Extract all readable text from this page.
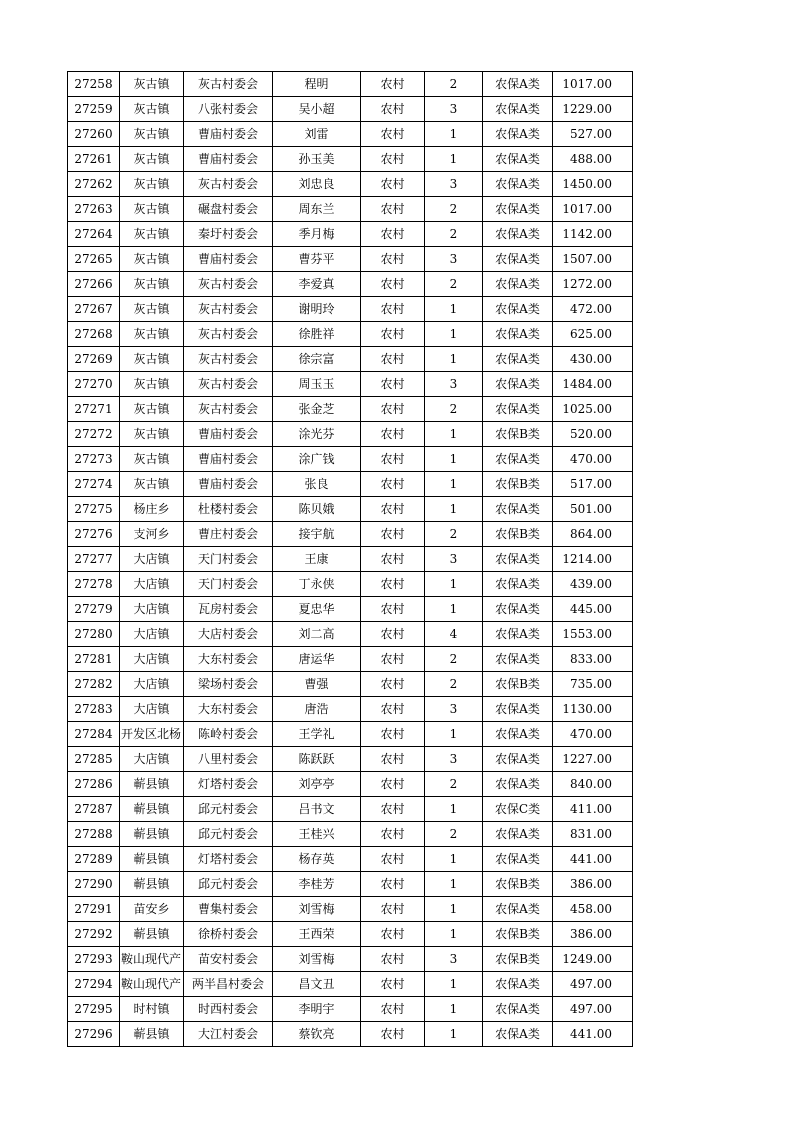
27258	灰古镇	灰古村委会	程明	农村	2	农保A类	1017.00
27259	灰古镇	八张村委会	吴小超	农村	3	农保A类	1229.00
27260	灰古镇	曹庙村委会	刘雷	农村	1	农保A类	527.00
27261	灰古镇	曹庙村委会	孙玉美	农村	1	农保A类	488.00
27262	灰古镇	灰古村委会	刘忠良	农村	3	农保A类	1450.00
27263	灰古镇	碾盘村委会	周东兰	农村	2	农保A类	1017.00
27264	灰古镇	秦圩村委会	季月梅	农村	2	农保A类	1142.00
27265	灰古镇	曹庙村委会	曹芬平	农村	3	农保A类	1507.00
27266	灰古镇	灰古村委会	李爱真	农村	2	农保A类	1272.00
27267	灰古镇	灰古村委会	谢明玲	农村	1	农保A类	472.00
27268	灰古镇	灰古村委会	徐胜祥	农村	1	农保A类	625.00
27269	灰古镇	灰古村委会	徐宗富	农村	1	农保A类	430.00
27270	灰古镇	灰古村委会	周玉玉	农村	3	农保A类	1484.00
27271	灰古镇	灰古村委会	张金芝	农村	2	农保A类	1025.00
27272	灰古镇	曹庙村委会	涂光芬	农村	1	农保B类	520.00
27273	灰古镇	曹庙村委会	涂广钱	农村	1	农保A类	470.00
27274	灰古镇	曹庙村委会	张良	农村	1	农保B类	517.00
27275	杨庄乡	杜楼村委会	陈贝娥	农村	1	农保A类	501.00
27276	支河乡	曹庄村委会	接宇航	农村	2	农保B类	864.00
27277	大店镇	天门村委会	王康	农村	3	农保A类	1214.00
27278	大店镇	天门村委会	丁永侠	农村	1	农保A类	439.00
27279	大店镇	瓦房村委会	夏忠华	农村	1	农保A类	445.00
27280	大店镇	大店村委会	刘二高	农村	4	农保A类	1553.00
27281	大店镇	大东村委会	唐运华	农村	2	农保A类	833.00
27282	大店镇	梁场村委会	曹强	农村	2	农保B类	735.00
27283	大店镇	大东村委会	唐浩	农村	3	农保A类	1130.00
27284	开发区北杨	陈岭村委会	王学礼	农村	1	农保A类	470.00
27285	大店镇	八里村委会	陈跃跃	农村	3	农保A类	1227.00
27286	蕲县镇	灯塔村委会	刘亭亭	农村	2	农保A类	840.00
27287	蕲县镇	邱元村委会	吕书文	农村	1	农保C类	411.00
27288	蕲县镇	邱元村委会	王桂兴	农村	2	农保A类	831.00
27289	蕲县镇	灯塔村委会	杨存英	农村	1	农保A类	441.00
27290	蕲县镇	邱元村委会	李桂芳	农村	1	农保B类	386.00
27291	苗安乡	曹集村委会	刘雪梅	农村	1	农保A类	458.00
27292	蕲县镇	徐桥村委会	王西荣	农村	1	农保B类	386.00
27293	鞍山现代产	苗安村委会	刘雪梅	农村	3	农保B类	1249.00
27294	鞍山现代产	两半昌村委会	昌文丑	农村	1	农保A类	497.00
27295	时村镇	时西村委会	李明宇	农村	1	农保A类	497.00
27296	蕲县镇	大江村委会	蔡钦亮	农村	1	农保A类	441.00
